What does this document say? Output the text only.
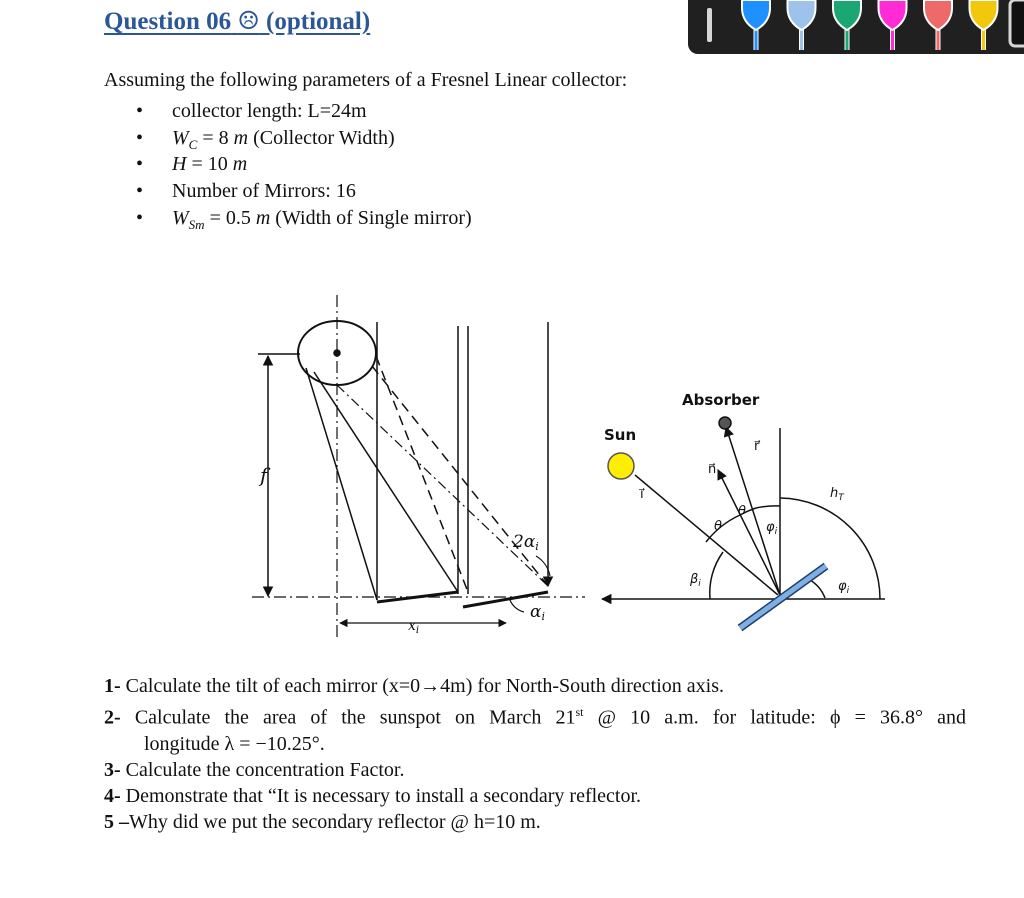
Question 06 ☹ (optional)

Assuming the following parameters of a Fresnel Linear collector:

• collector length: L=24m
• $W_C = 8$ m (Collector Width)
• H = 10 m
• Number of Mirrors: 16
• $W_{Sm} = 0.5$ m (Width of Single mirror)
f
$x_i$
2αi
αi
Absorber
Sun
i⃗
n⃗
r⃗
θ
θ
$\varphi_i$
$\beta_i$
$h_T$
$\varphi_i$
1- Calculate the tilt of each mirror (x=0→4m) for North-South direction axis.
2- Calculate the area of the sunspot on March 21st @ 10 a.m. for latitude: ϕ = 36.8° and
longitude λ = −10.25°.
3- Calculate the concentration Factor.
4- Demonstrate that “It is necessary to install a secondary reflector.
5 –Why did we put the secondary reflector @ h=10 m.
